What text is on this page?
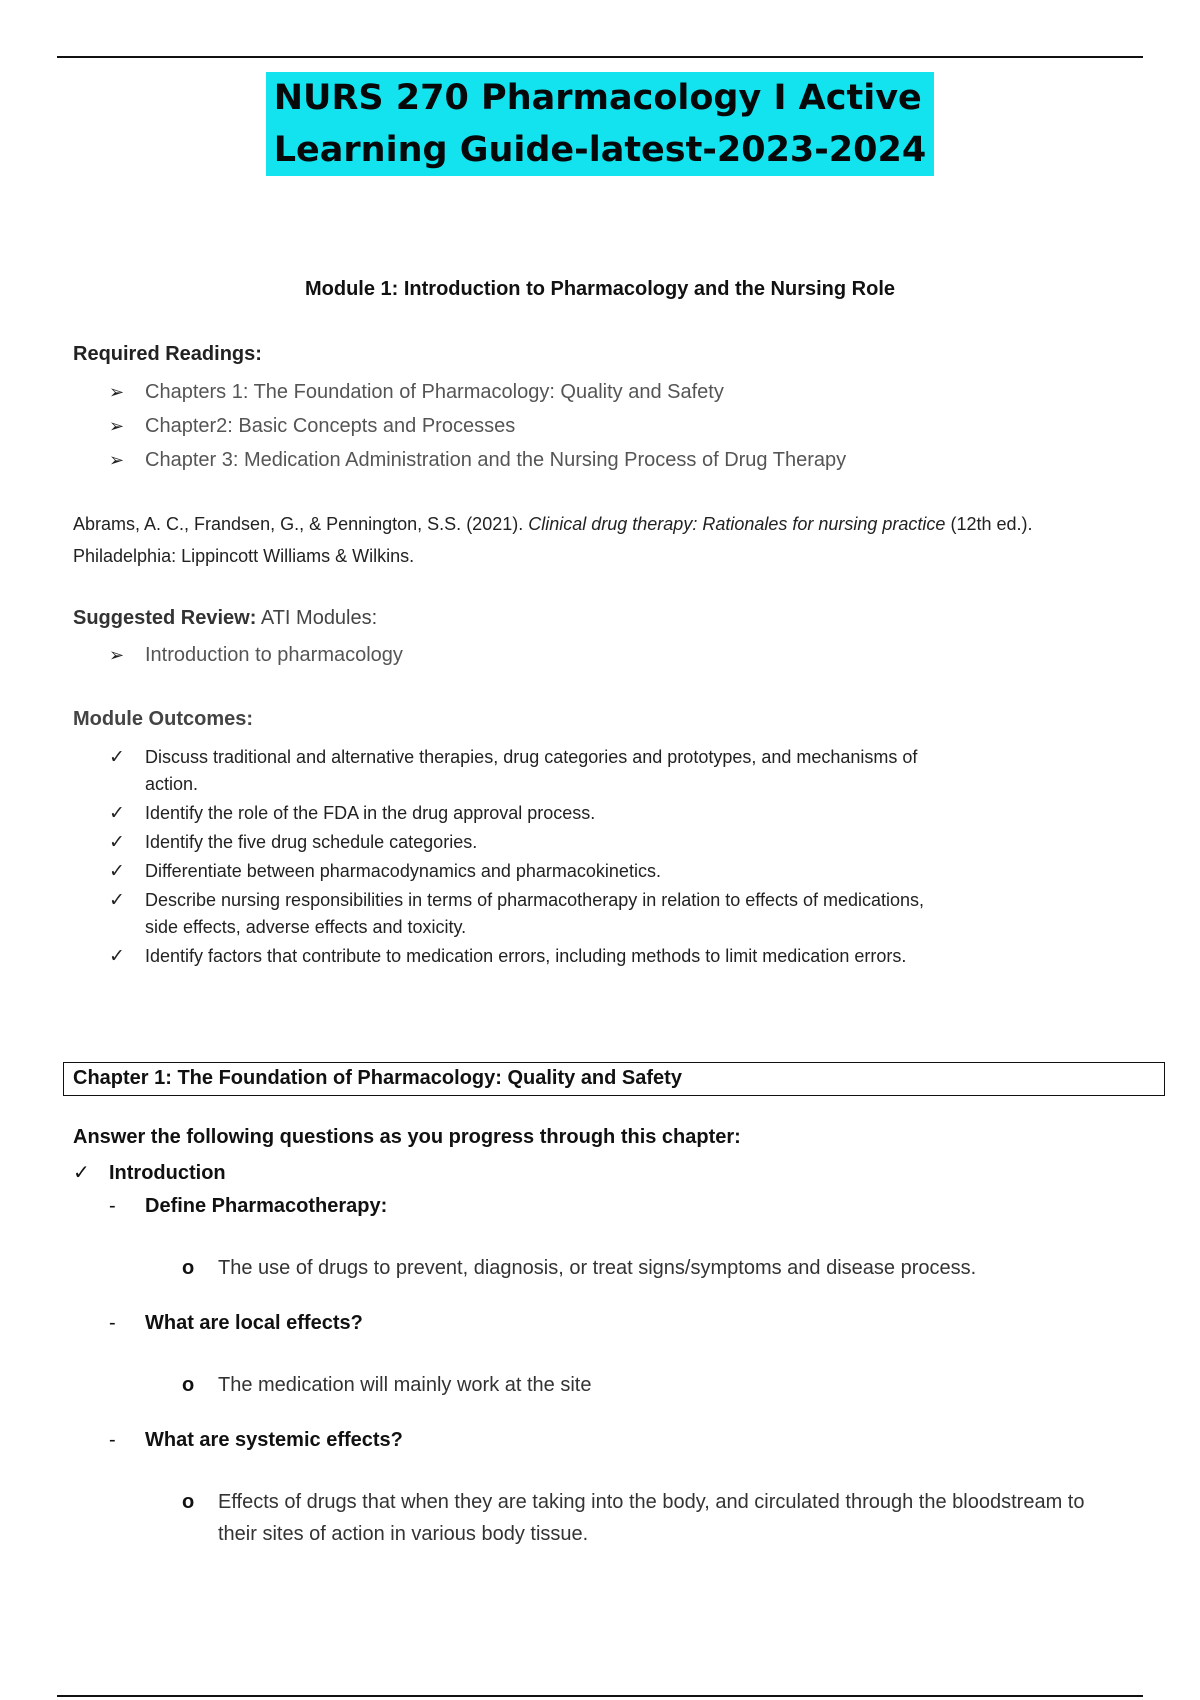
NURS 270 Pharmacology I Active
Learning Guide-latest-2023-2024
Module 1: Introduction to Pharmacology and the Nursing Role
Required Readings:
➢ Chapters 1: The Foundation of Pharmacology: Quality and Safety
➢ Chapter2: Basic Concepts and Processes
➢ Chapter 3: Medication Administration and the Nursing Process of Drug Therapy
Abrams, A. C., Frandsen, G., & Pennington, S.S. (2021). Clinical drug therapy: Rationales for nursing practice (12th ed.).
Philadelphia: Lippincott Williams & Wilkins.
Suggested Review: ATI Modules:
➢ Introduction to pharmacology
Module Outcomes:
✓ Discuss traditional and alternative therapies, drug categories and prototypes, and mechanisms of action.
✓ Identify the role of the FDA in the drug approval process.
✓ Identify the five drug schedule categories.
✓ Differentiate between pharmacodynamics and pharmacokinetics.
✓ Describe nursing responsibilities in terms of pharmacotherapy in relation to effects of medications, side effects, adverse effects and toxicity.
✓ Identify factors that contribute to medication errors, including methods to limit medication errors.
Chapter 1: The Foundation of Pharmacology: Quality and Safety
Answer the following questions as you progress through this chapter:
✓ Introduction
- Define Pharmacotherapy:
o The use of drugs to prevent, diagnosis, or treat signs/symptoms and disease process.
- What are local effects?
o The medication will mainly work at the site
- What are systemic effects?
o Effects of drugs that when they are taking into the body, and circulated through the bloodstream to their sites of action in various body tissue.
